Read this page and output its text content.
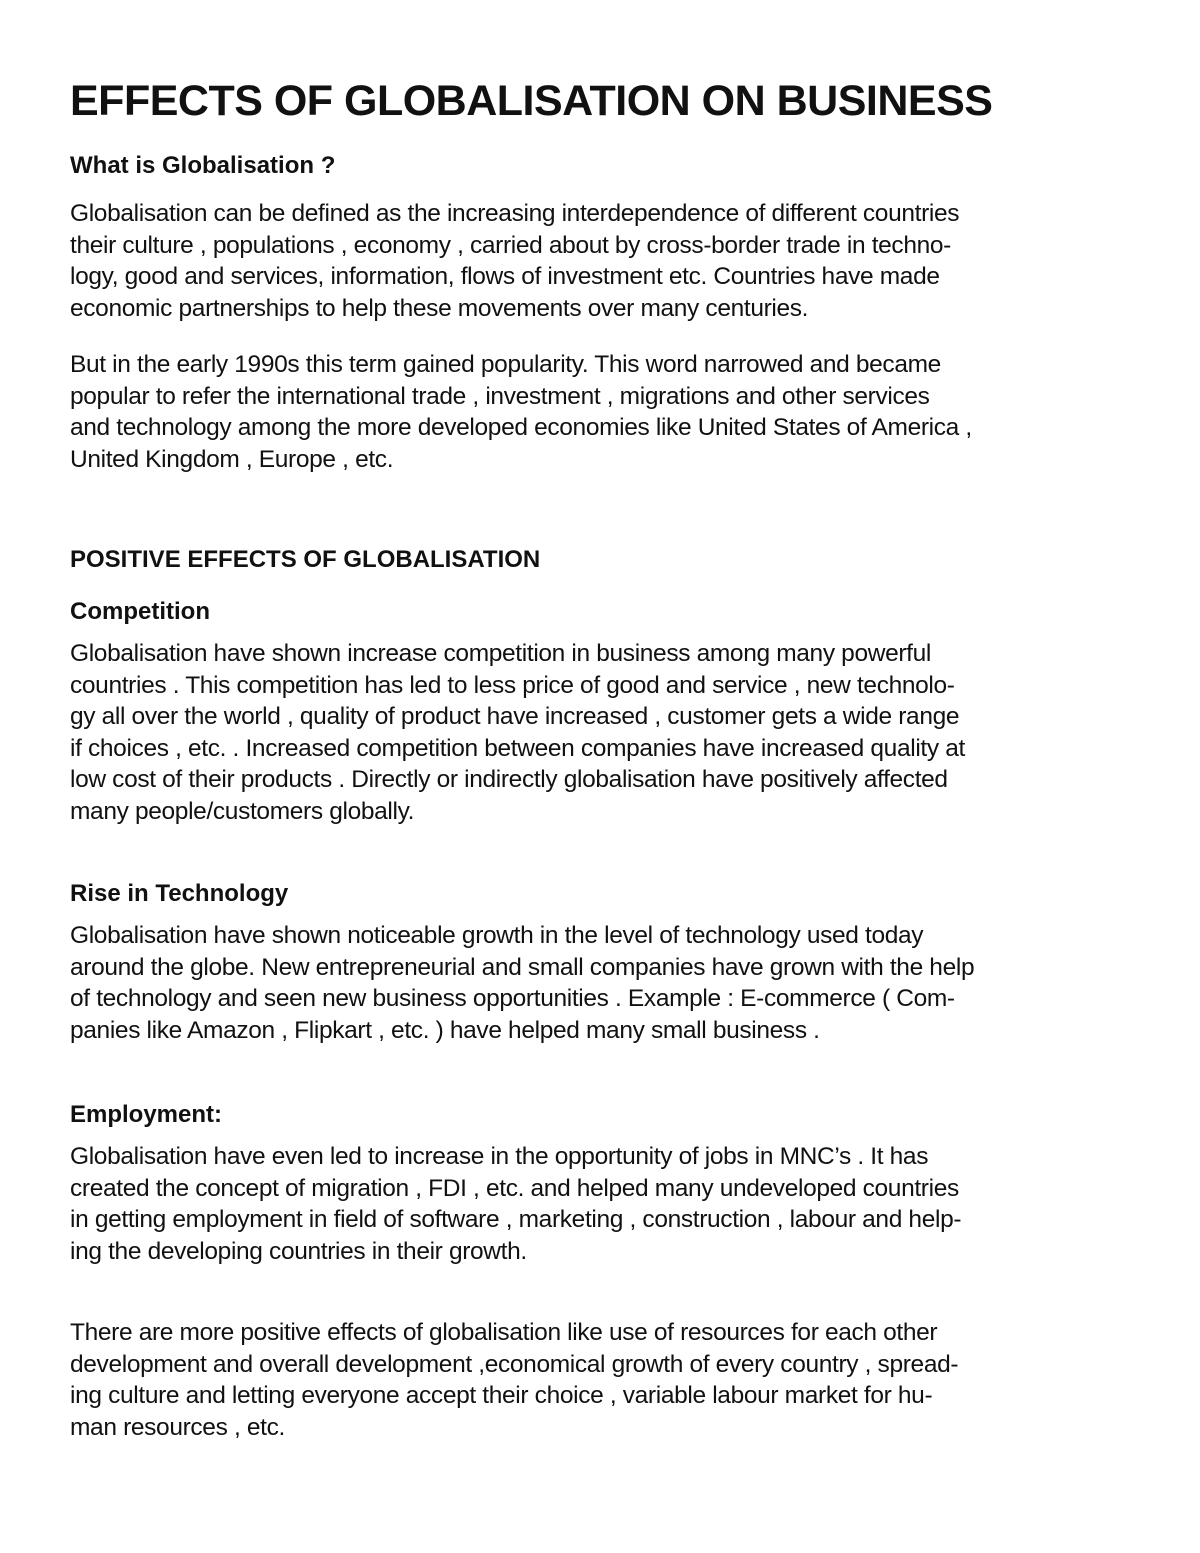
EFFECTS OF GLOBALISATION ON BUSINESS
What is Globalisation ?
Globalisation can be defined as the increasing interdependence of different countries
their culture , populations , economy , carried about by cross-border trade in techno-
logy, good and services, information, flows of investment etc. Countries have made
economic partnerships to help these movements over many centuries.
But in the early 1990s this term gained popularity. This word narrowed and became
popular to refer the international trade , investment , migrations and other services
and technology among the more developed economies like United States of America ,
United Kingdom , Europe , etc.
POSITIVE EFFECTS OF GLOBALISATION
Competition
Globalisation have shown increase competition in business among many powerful
countries . This competition has led to less price of good and service , new technolo-
gy all over the world , quality of product have increased , customer gets a wide range
if choices , etc. . Increased competition between companies have increased quality at
low cost of their products . Directly or indirectly globalisation have positively affected
many people/customers globally.
Rise in Technology
Globalisation have shown noticeable growth in the level of technology used today
around the globe. New entrepreneurial and small companies have grown with the help
of technology and seen new business opportunities . Example : E-commerce ( Com-
panies like Amazon , Flipkart , etc. ) have helped many small business .
Employment:
Globalisation have even led to increase in the opportunity of jobs in MNC’s . It has
created the concept of migration , FDI , etc. and helped many undeveloped countries
in getting employment in field of software , marketing , construction , labour and help-
ing the developing countries in their growth.
There are more positive effects of globalisation like use of resources for each other
development and overall development ,economical growth of every country , spread-
ing culture and letting everyone accept their choice , variable labour market for hu-
man resources , etc.
